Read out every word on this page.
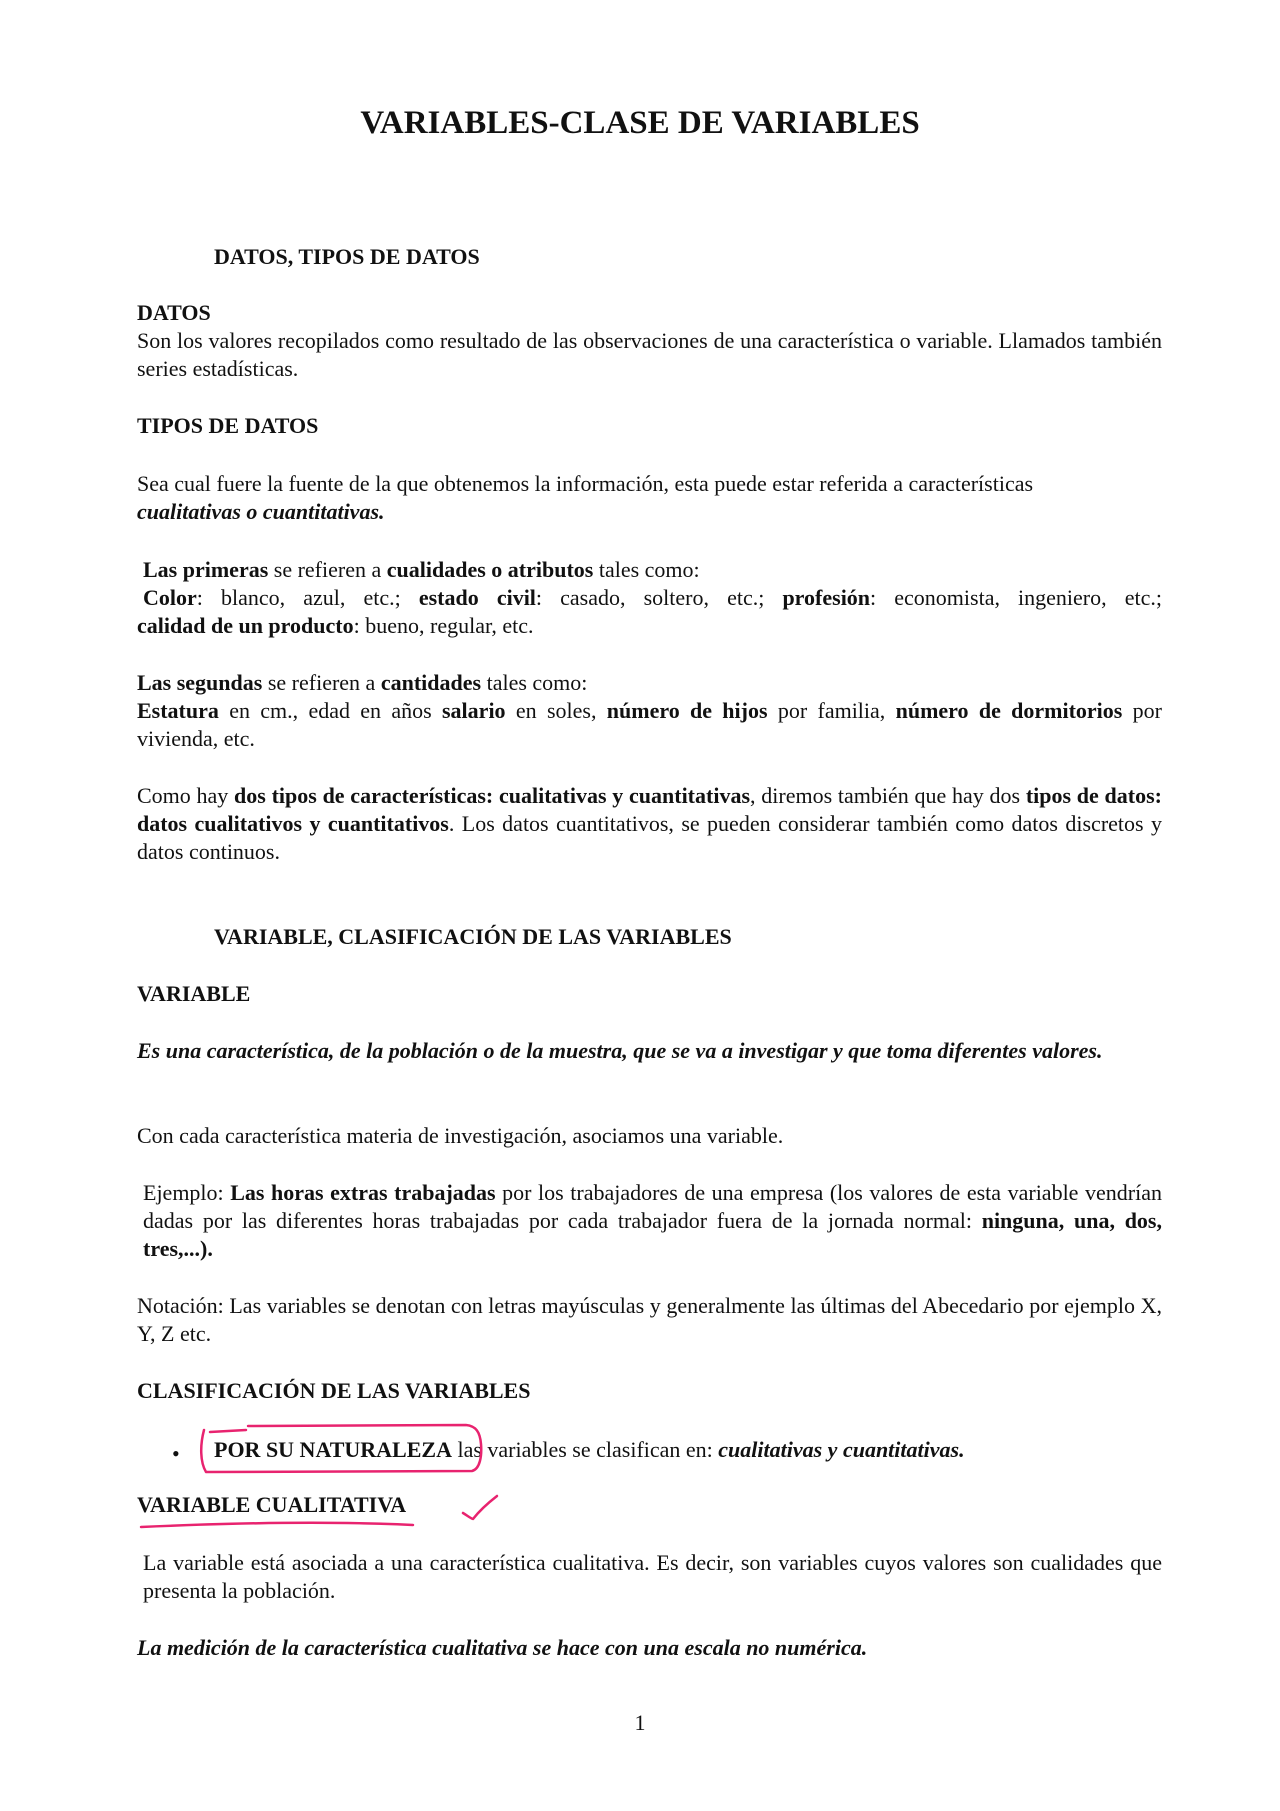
VARIABLES-CLASE DE VARIABLES

DATOS, TIPOS DE DATOS

DATOS

Son los valores recopilados como resultado de las observaciones de una característica o variable. Llamados también series estadísticas.

TIPOS DE DATOS

Sea cual fuere la fuente de la que obtenemos la información, esta puede estar referida a características
cualitativas o cuantitativas.

Las primeras se refieren a cualidades o atributos tales como:

Color: blanco, azul, etc.; estado civil: casado, soltero, etc.; profesión: economista, ingeniero, etc.;

calidad de un producto: bueno, regular, etc.

Las segundas se refieren a cantidades tales como:

Estatura en cm., edad en años salario en soles, número de hijos por familia, número de dormitorios por vivienda, etc.

Como hay dos tipos de características: cualitativas y cuantitativas, diremos también que hay dos tipos de datos: datos cualitativos y cuantitativos. Los datos cuantitativos, se pueden considerar también como datos discretos y datos continuos.

VARIABLE, CLASIFICACIÓN DE LAS VARIABLES

VARIABLE

Es una característica, de la población o de la muestra, que se va a investigar y que toma diferentes valores.

Con cada característica materia de investigación, asociamos una variable.

Ejemplo: Las horas extras trabajadas por los trabajadores de una empresa (los valores de esta variable vendrían dadas por las diferentes horas trabajadas por cada trabajador fuera de la jornada normal: ninguna, una, dos, tres,...).

Notación: Las variables se denotan con letras mayúsculas y generalmente las últimas del Abecedario por ejemplo X, Y, Z etc.

CLASIFICACIÓN DE LAS VARIABLES

• POR SU NATURALEZA las variables se clasifican en: cualitativas y cuantitativas.

VARIABLE CUALITATIVA

La variable está asociada a una característica cualitativa. Es decir, son variables cuyos valores son cualidades que presenta la población.

La medición de la característica cualitativa se hace con una escala no numérica.

1
